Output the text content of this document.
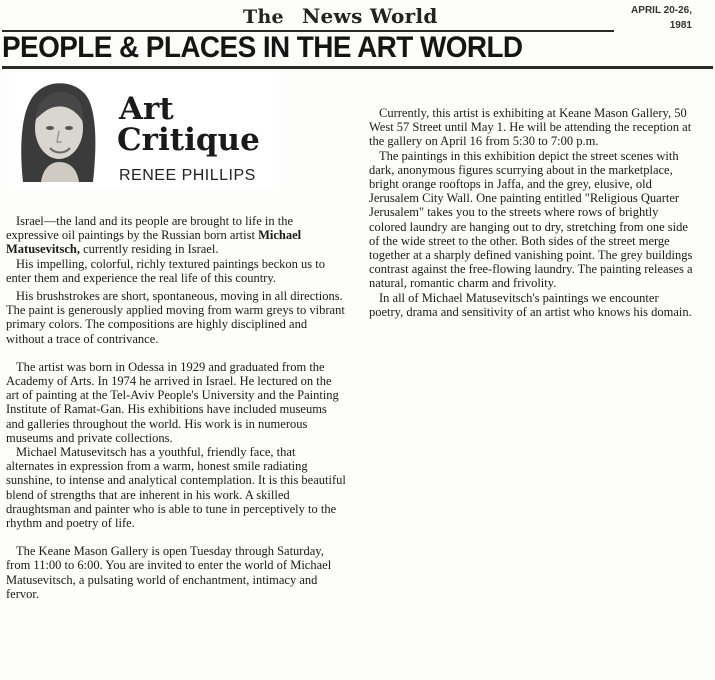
The News World	APRIL 20-26,
1981
PEOPLE & PLACES IN THE ART WORLD
Art
Critique
RENEE PHILLIPS

Israel—the land and its people are brought to life in the expressive oil paintings by the Russian born artist Michael Matusevitsch, currently residing in Israel.

His impelling, colorful, richly textured paintings beckon us to enter them and experience the real life of this country.

His brushstrokes are short, spontaneous, moving in all directions. The paint is generously applied moving from warm greys to vibrant primary colors. The compositions are highly disciplined and without a trace of contrivance.

The artist was born in Odessa in 1929 and graduated from the Academy of Arts. In 1974 he arrived in Israel. He lectured on the art of painting at the Tel-Aviv People's University and the Painting Institute of Ramat-Gan. His exhibitions have included museums and galleries throughout the world. His work is in numerous museums and private collections.

Michael Matusevitsch has a youthful, friendly face, that alternates in expression from a warm, honest smile radiating sunshine, to intense and analytical contemplation. It is this beautiful blend of strengths that are inherent in his work. A skilled draughtsman and painter who is able to tune in perceptively to the rhythm and poetry of life.

The Keane Mason Gallery is open Tuesday through Saturday, from 11:00 to 6:00. You are invited to enter the world of Michael Matusevitsch, a pulsating world of enchantment, intimacy and fervor.

Currently, this artist is exhibiting at Keane Mason Gallery, 50 West 57 Street until May 1. He will be attending the reception at the gallery on April 16 from 5:30 to 7:00 p.m.

The paintings in this exhibition depict the street scenes with dark, anonymous figures scurrying about in the marketplace, bright orange rooftops in Jaffa, and the grey, elusive, old Jerusalem City Wall. One painting entitled "Religious Quarter Jerusalem" takes you to the streets where rows of brightly colored laundry are hanging out to dry, stretching from one side of the wide street to the other. Both sides of the street merge together at a sharply defined vanishing point. The grey buildings contrast against the free-flowing laundry. The painting releases a natural, romantic charm and frivolity.

In all of Michael Matusevitsch's paintings we encounter poetry, drama and sensitivity of an artist who knows his domain.
